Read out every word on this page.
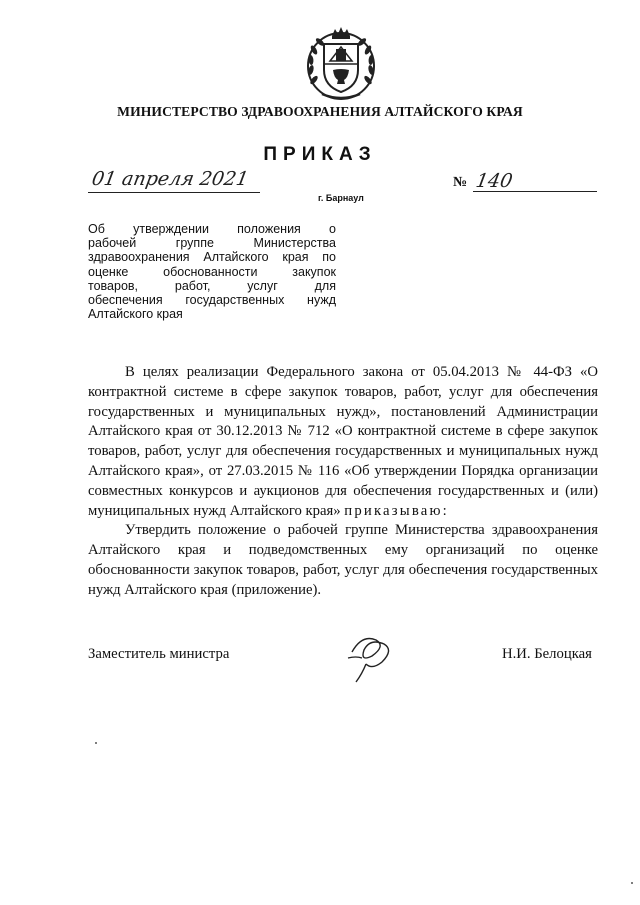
МИНИСТЕРСТВО ЗДРАВООХРАНЕНИЯ АЛТАЙСКОГО КРАЯ
ПРИКАЗ
01 апреля 2021
г. Барнаул
№ 140
Об утверждении положения о
рабочей группе Министерства
здравоохранения Алтайского края по
оценке обоснованности закупок
товаров, работ, услуг для
обеспечения государственных нужд
Алтайского края

В целях реализации Федерального закона от 05.04.2013 № 44-ФЗ «О контрактной системе в сфере закупок товаров, работ, услуг для обеспечения государственных и муниципальных нужд», постановлений Администрации Алтайского края от 30.12.2013 № 712 «О контрактной системе в сфере закупок товаров, работ, услуг для обеспечения государственных и муниципальных нужд Алтайского края», от 27.03.2015 № 116 «Об утверждении Порядка организации совместных конкурсов и аукционов для обеспечения государственных и (или) муниципальных нужд Алтайского края» приказываю:

Утвердить положение о рабочей группе Министерства здравоохранения Алтайского края и подведомственных ему организаций по оценке обоснованности закупок товаров, работ, услуг для обеспечения государственных нужд Алтайского края (приложение).

Заместитель министра	Н.И. Белоцкая
